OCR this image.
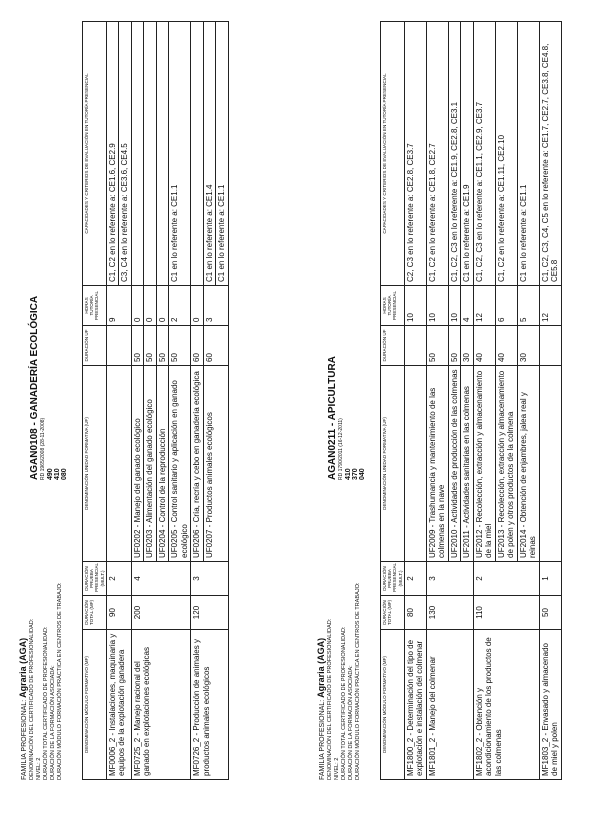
FAMILIA PROFESIONAL: Agraria (AGA) DENOMINACIÓN DEL CERTIFICADO DE PROFESIONALIDAD: NIVEL: 2 DURACIÓN TOTAL CERTIFICADO DE PROFESIONALIDAD: DURACIÓN DE LA FORMACIÓN ASOCIADA: DURACIÓN MÓDULO FORMACIÓN PRÁCTICA EN CENTROS DE TRABAJO:
AGAN0108 - GANADERÍA ECOLÓGICA RD 1965/2008 (28-11-2008) 490 410 080
DENOMINACIÓN MÓDULO FORMATIVO (MF)	DURACIÓN TOTAL (MF)	DURACIÓN PRUEBA PRESENCIAL (MULT.)	DENOMINACIÓN UNIDAD FORMATIVA (UF)	DURACIÓN UF	HORAS TUTORÍA PRESENCIAL	CAPACIDADES Y CRITERIOS DE EVALUACIÓN EN TUTORÍA PRESENCIAL
MF0006_2 - Instalaciones, maquinaria y equipos de la explotación ganadera	90	2			9	C1, C2 en lo referente a: CE1.6, CE2.9
						C3, C4 en lo referente a: CE3.6, CE4.5
MF0725_2 - Manejo racional del ganado en explotaciones ecológicas	200	4	UF0202 - Manejo del ganado ecológico	50	0	
			UF0203 - Alimentación del ganado ecológico	50	0	
			UF0204 - Control de la reproducción	50	0	
			UF0205 - Control sanitario y aplicación en ganado ecológico	50	2	C1 en lo referente a: CE1.1
MF0726_2 - Producción de animales y productos animales ecológicos	120	3	UF0206 - Cría, recría y cebo en ganadería ecológica	60	0	
			UF0207 - Productos animales ecológicos	60	3	C1 en lo referente a: CE1.4
						C1 en lo referente a: CE1.1
FAMILIA PROFESIONAL: Agraria (AGA) DENOMINACIÓN DEL CERTIFICADO DE PROFESIONALIDAD: NIVEL: 2 DURACIÓN TOTAL CERTIFICADO DE PROFESIONALIDAD: DURACIÓN DE LA FORMACIÓN ASOCIADA: DURACIÓN MÓDULO FORMACIÓN PRÁCTICA EN CENTROS DE TRABAJO:
AGAN0211 - APICULTURA RD 1790/2011 (16-12-2011) 410 370 040
DENOMINACIÓN MÓDULO FORMATIVO (MF)	DURACIÓN TOTAL (MF)	DURACIÓN PRUEBA PRESENCIAL (MULT.)	DENOMINACIÓN UNIDAD FORMATIVA (UF)	DURACIÓN UF	HORAS TUTORÍA PRESENCIAL	CAPACIDADES Y CRITERIOS DE EVALUACIÓN EN TUTORÍA PRESENCIAL
MF1800_2 - Determinación del tipo de explotación e instalación del colmenar	80	2			10	C2, C3 en lo referente a: CE2.8, CE3.7
MF1801_2 - Manejo del colmenar	130	3	UF2009 - Trashumancia y mantenimiento de las colmenas en la nave	50	10	C1, C2 en lo referente a: CE1.8, CE2.7
			UF2010 - Actividades de producción de las colmenas	50	10	C1, C2, C3 en lo referente a: CE1.9, CE2.8, CE3.1
			UF2011 - Actividades sanitarias en las colmenas	30	4	C1 en lo referente a: CE1.9
MF1802_2 - Obtención y acondicionamiento de los productos de las colmenas	110	2	UF2012 - Recolección, extracción y almacenamiento de la miel	40	12	C1, C2, C3 en lo referente a: CE1.1, CE2.9, CE3.7
			UF2013 - Recolección, extracción y almacenamiento de polen y otros productos de la colmena	40	6	C1, C2 en lo referente a: CE1.11, CE2.10
			UF2014 - Obtención de enjambres, jalea real y reinas	30	5	C1 en lo referente a: CE1.1
MF1803_2 - Envasado y almacenado de miel y polen	50	1			12	C1, C2, C3, C4, C5 en lo referente a: CE1.7, CE2.7, CE3.8, CE4.8, CE5.8
